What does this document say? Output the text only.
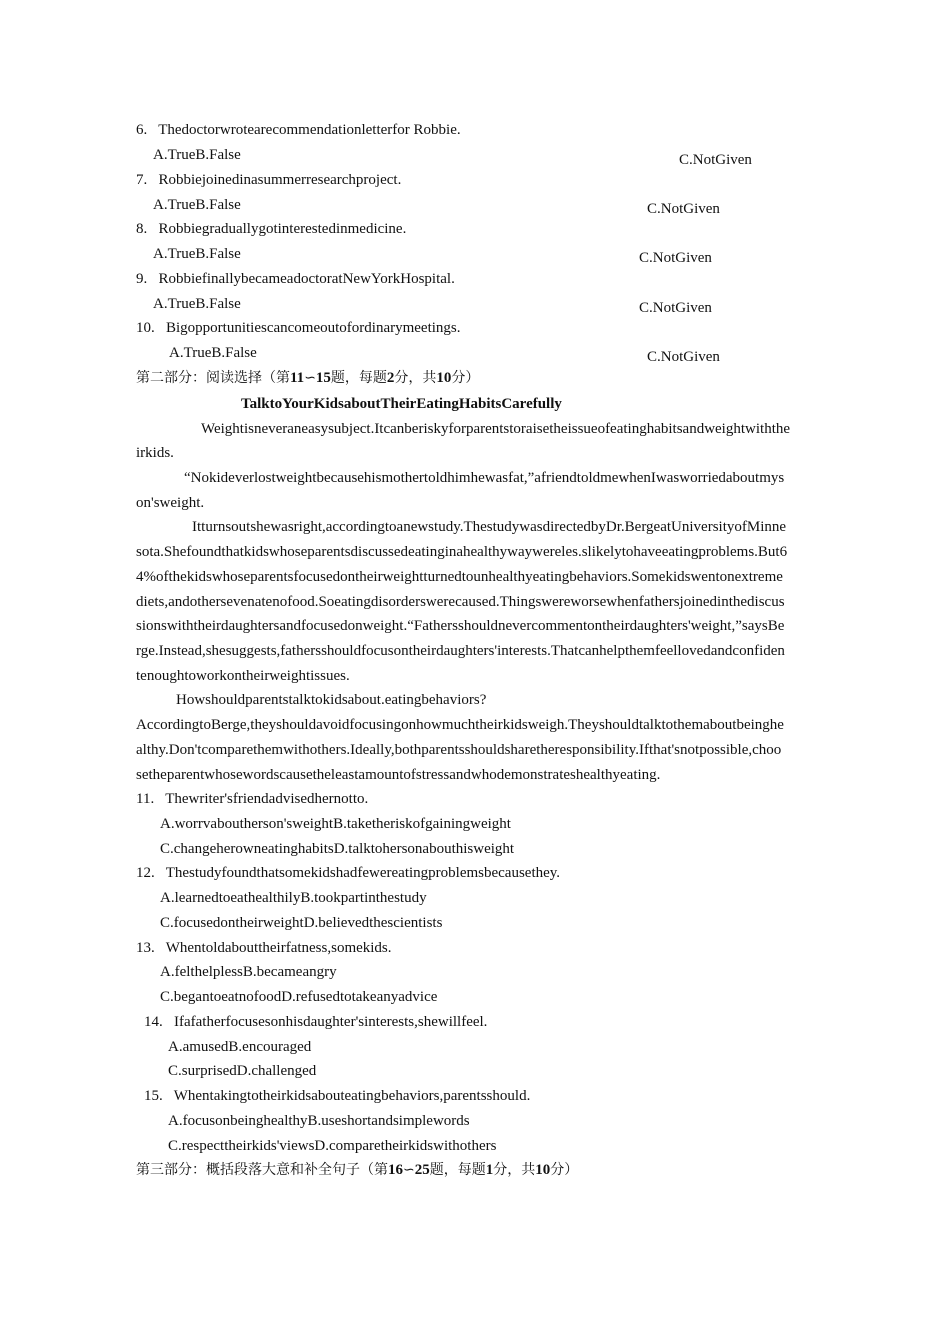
6. Thedoctorwrotearecommendationletterfor Robbie.
A.TrueB.False	C.NotGiven
7. Robbiejoinedinasummerresearchproject.
A.TrueB.False	C.NotGiven
8. Robbiegraduallygotinterestedinmedicine.
A.TrueB.False	C.NotGiven
9. RobbiefinallybecameadoctoratNewYorkHospital.
A.TrueB.False	C.NotGiven
10. Bigopportunitiescancomeoutofordinarymeetings.
A.TrueB.False	C.NotGiven
第二部分：阅读选择（第11∽15题，每题2分，共10分）
TalktoYourKidsaboutTheirEatingHabitsCarefully
Weightisneveraneasysubject.Itcanberiskyforparentstoraisetheissueofeatinghabitsandweightwiththe
irkids.
“Nokideverlostweightbecausehismothertoldhimhewasfat,”afriendtoldmewhenIwasworriedaboutmys
on'sweight.
Itturnsoutshewasright,accordingtoanewstudy.ThestudywasdirectedbyDr.BergeatUniversityofMinne
sota.Shefoundthatkidswhoseparentsdiscussedeatinginahealthywaywereles.slikelytohaveeatingproblems.But6
4%ofthekidswhoseparentsfocusedontheirweightturnedtounhealthyeatingbehaviors.Somekidswentonextreme
diets,andothersevenatenofood.Soeatingdisorderswerecaused.Thingswereworsewhenfathersjoinedinthediscus
sionswiththeirdaughtersandfocusedonweight.“Fathersshouldnevercommentontheirdaughters'weight,”saysBe
rge.Instead,shesuggests,fathersshouldfocusontheirdaughters'interests.Thatcanhelpthemfeellovedandconfiden
tenoughtoworkontheirweightissues.
Howshouldparentstalktokidsabout.eatingbehaviors?
AccordingtoBerge,theyshouldavoidfocusingonhowmuchtheirkidsweigh.Theyshouldtalktothemaboutbeinghe
althy.Don'tcomparethemwithothers.Ideally,bothparentsshouldsharetheresponsibility.Ifthat'snotpossible,choo
setheparentwhosewordscausetheleastamountofstressandwhodemonstrateshealthyeating.
11. Thewriter'sfriendadvisedhernotto.
A.worrvaboutherson'sweightB.taketheriskofgainingweight
C.changeherowneatinghabitsD.talktohersonabouthisweight
12. Thestudyfoundthatsomekidshadfewereatingproblemsbecausethey.
A.learnedtoeathealthilyB.tookpartinthestudy
C.focusedontheirweightD.believedthescientists
13. Whentoldabouttheirfatness,somekids.
A.felthelplessB.becameangry
C.begantoeatnofoodD.refusedtotakeanyadvice
14. Ifafatherfocusesonhisdaughter'sinterests,shewillfeel.
A.amusedB.encouraged
C.surprisedD.challenged
15. Whentakingtotheirkidsabouteatingbehaviors,parentsshould.
A.focusonbeinghealthyB.useshortandsimplewords
C.respecttheirkids'viewsD.comparetheirkidswithothers
第三部分：概括段落大意和补全句子（第16∽25题，每题1分，共10分）
